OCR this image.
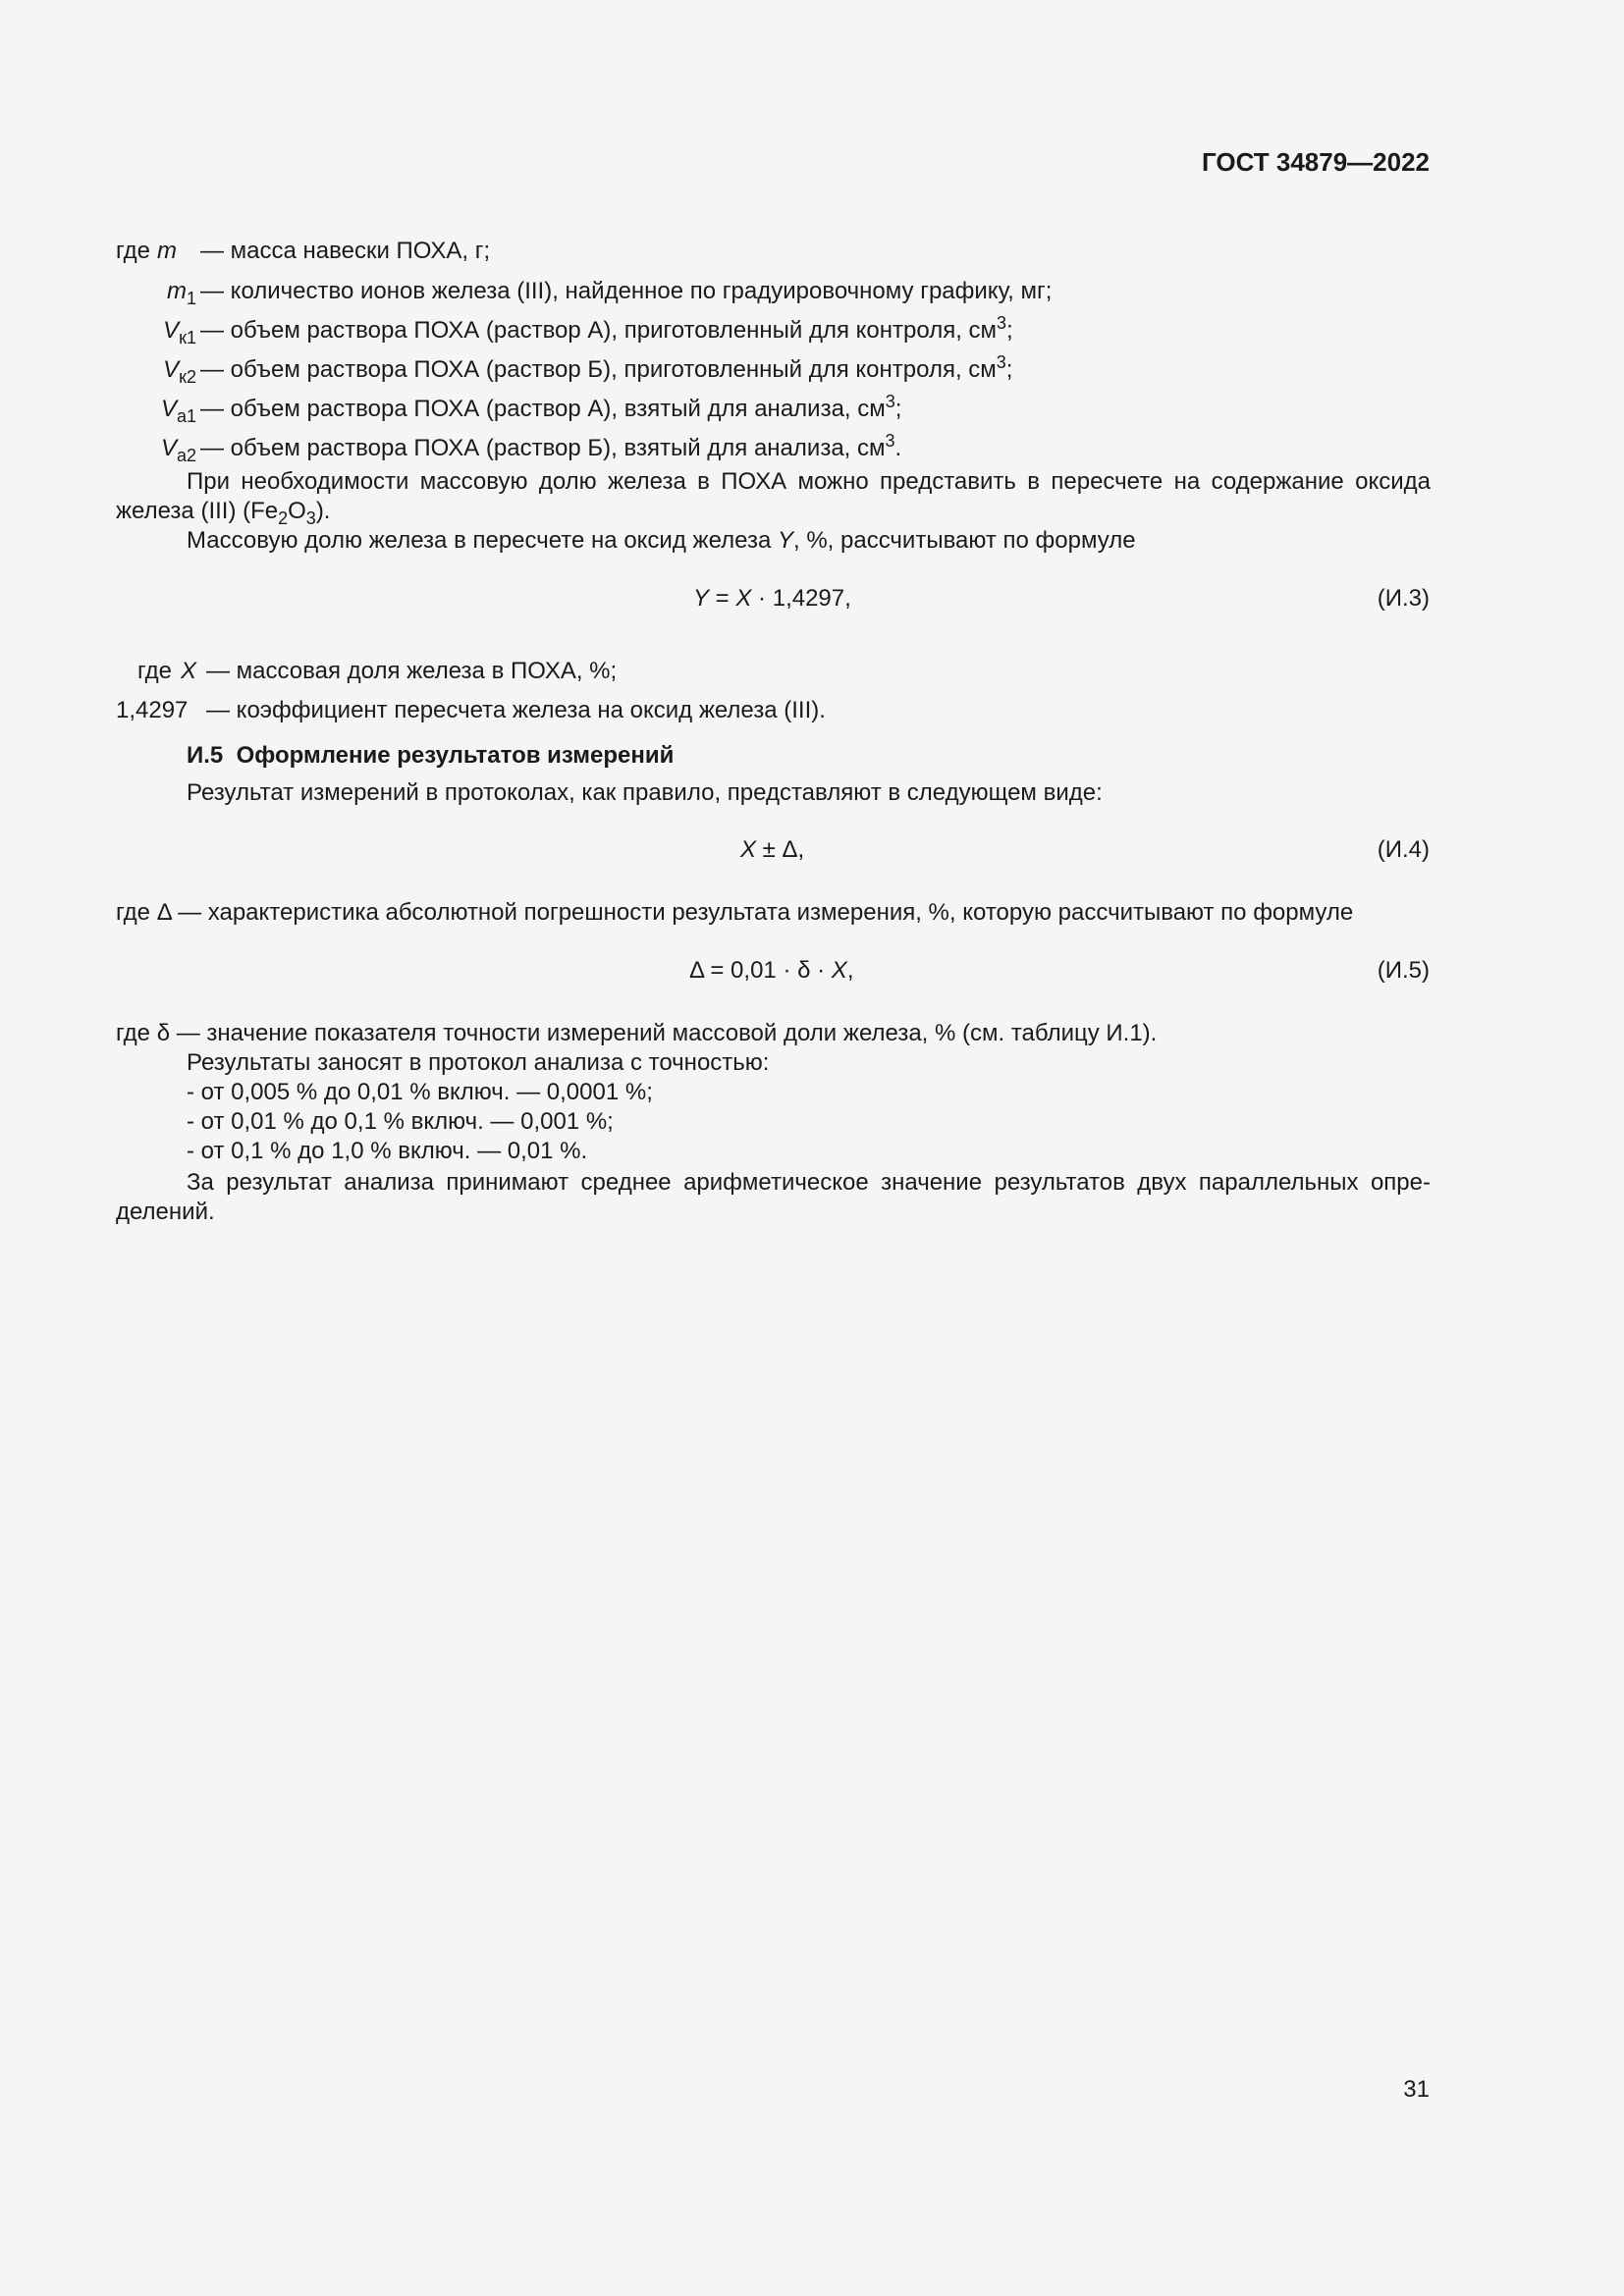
ГОСТ 34879—2022
где m — масса навески ПОХА, г;
$m_1$ — количество ионов железа (III), найденное по градуировочному графику, мг;
$V_{к1}$ — объем раствора ПОХА (раствор А), приготовленный для контроля, $см^3$;
$V_{к2}$ — объем раствора ПОХА (раствор Б), приготовленный для контроля, $см^3$;
$V_{а1}$ — объем раствора ПОХА (раствор А), взятый для анализа, $см^3$;
$V_{а2}$ — объем раствора ПОХА (раствор Б), взятый для анализа, $см^3$.
При необходимости массовую долю железа в ПОХА можно представить в пересчете на содержание оксида железа (III) $(Fe_2O_3)$.
Массовую долю железа в пересчете на оксид железа Y, %, рассчитывают по формуле
Y = X · 1,4297,	(И.3)
где X — массовая доля железа в ПОХА, %;
1,4297 — коэффициент пересчета железа на оксид железа (III).
И.5 Оформление результатов измерений
Результат измерений в протоколах, как правило, представляют в следующем виде:
X ± Δ,	(И.4)
где Δ — характеристика абсолютной погрешности результата измерения, %, которую рассчитывают по формуле
Δ = 0,01 · δ · X,	(И.5)
где δ — значение показателя точности измерений массовой доли железа, % (см. таблицу И.1).
Результаты заносят в протокол анализа с точностью:
- от 0,005 % до 0,01 % включ. — 0,0001 %;
- от 0,01 % до 0,1 % включ. — 0,001 %;
- от 0,1 % до 1,0 % включ. — 0,01 %.
За результат анализа принимают среднее арифметическое значение результатов двух параллельных опре-
делений.
31
